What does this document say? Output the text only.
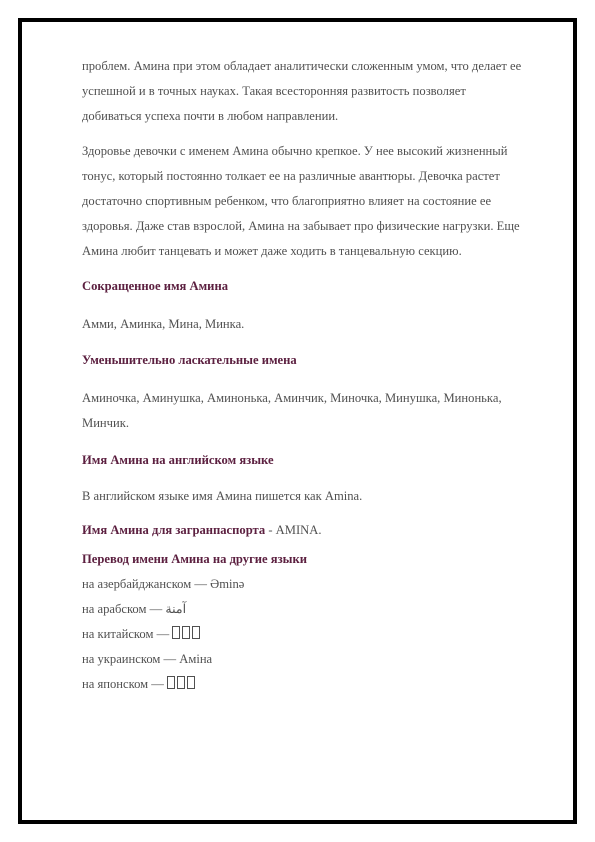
проблем. Амина при этом обладает аналитически сложенным умом, что делает ее успешной и в точных науках. Такая всесторонняя развитость позволяет добиваться успеха почти в любом направлении.

Здоровье девочки с именем Амина обычно крепкое. У нее высокий жизненный тонус, который постоянно толкает ее на различные авантюры. Девочка растет достаточно спортивным ребенком, что благоприятно влияет на состояние ее здоровья. Даже став взрослой, Амина на забывает про физические нагрузки. Еще Амина любит танцевать и может даже ходить в танцевальную секцию.

Сокращенное имя Амина

Амми, Аминка, Мина, Минка.

Уменьшительно ласкательные имена

Аминочка, Аминушка, Аминонька, Аминчик, Миночка, Минушка, Минонька, Минчик.

Имя Амина на английском языке

В английском языке имя Амина пишется как Amina.

Имя Амина для загранпаспорта - AMINA.

Перевод имени Амина на другие языки

на азербайджанском — Əminə

на арабском — آمنة

на китайском —

на украинском — Аміна

на японском —
